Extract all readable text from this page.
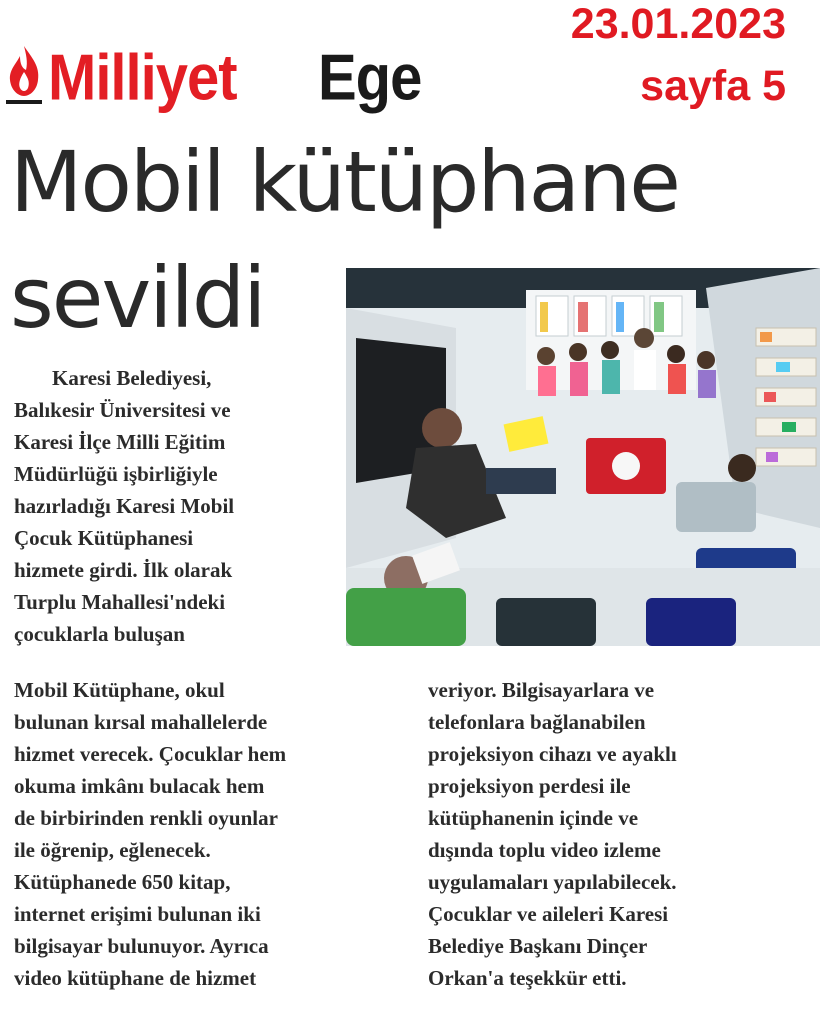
Milliyet Ege
23.01.2023
sayfa 5
Mobil kütüphane
sevildi
Karesi Belediyesi,
Balıkesir Üniversitesi ve
Karesi İlçe Milli Eğitim
Müdürlüğü işbirliğiyle
hazırladığı Karesi Mobil
Çocuk Kütüphanesi
hizmete girdi. İlk olarak
Turplu Mahallesi'ndeki
çocuklarla buluşan
Mobil Kütüphane, okul
bulunan kırsal mahallelerde
hizmet verecek. Çocuklar hem
okuma imkânı bulacak hem
de birbirinden renkli oyunlar
ile öğrenip, eğlenecek.
Kütüphanede 650 kitap,
internet erişimi bulunan iki
bilgisayar bulunuyor. Ayrıca
video kütüphane de hizmet
veriyor. Bilgisayarlara ve
telefonlara bağlanabilen
projeksiyon cihazı ve ayaklı
projeksiyon perdesi ile
kütüphanenin içinde ve
dışında toplu video izleme
uygulamaları yapılabilecek.
Çocuklar ve aileleri Karesi
Belediye Başkanı Dinçer
Orkan'a teşekkür etti.
